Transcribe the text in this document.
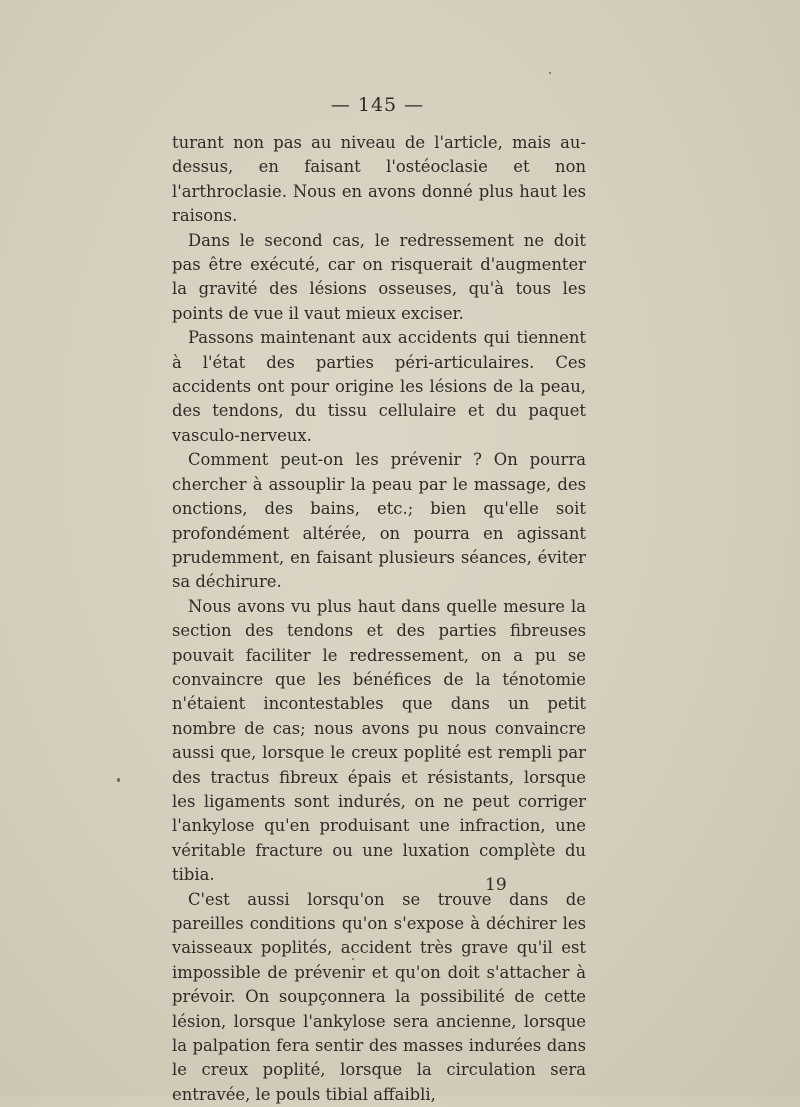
— 145 —

turant non pas au niveau de l'article, mais au-dessus, en faisant l'ostéoclasie et non l'arthroclasie. Nous en avons donné plus haut les raisons.

Dans le second cas, le redressement ne doit pas être exécuté, car on risquerait d'augmenter la gravité des lésions osseuses, qu'à tous les points de vue il vaut mieux exciser.

Passons maintenant aux accidents qui tiennent à l'état des parties péri-articulaires. Ces accidents ont pour origine les lésions de la peau, des tendons, du tissu cellulaire et du paquet vasculo-nerveux.

Comment peut-on les prévenir ? On pourra chercher à assouplir la peau par le massage, des onctions, des bains, etc.; bien qu'elle soit profondément altérée, on pourra en agissant prudemment, en faisant plusieurs séances, éviter sa déchirure.

Nous avons vu plus haut dans quelle mesure la section des tendons et des parties fibreuses pouvait faciliter le redressement, on a pu se convaincre que les bénéfices de la ténotomie n'étaient incontestables que dans un petit nombre de cas; nous avons pu nous convaincre aussi que, lorsque le creux poplité est rempli par des tractus fibreux épais et résistants, lorsque les ligaments sont indurés, on ne peut corriger l'ankylose qu'en produisant une infraction, une véritable fracture ou une luxation complète du tibia.

C'est aussi lorsqu'on se trouve dans de pareilles conditions qu'on s'expose à déchirer les vaisseaux poplités, accident très grave qu'il est impossible de prévenir et qu'on doit s'attacher à prévoir. On soupçonnera la possibilité de cette lésion, lorsque l'ankylose sera ancienne, lorsque la palpation fera sentir des masses indurées dans le creux poplité, lorsque la circulation sera entravée, le pouls tibial affaibli,

19
